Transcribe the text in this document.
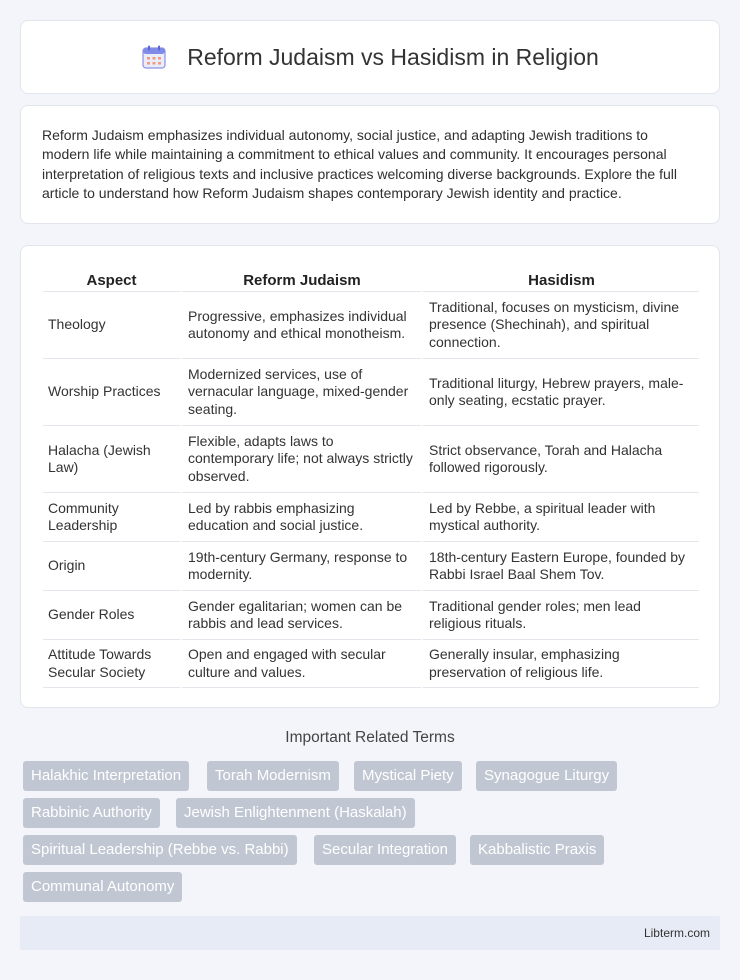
Reform Judaism vs Hasidism in Religion

Reform Judaism emphasizes individual autonomy, social justice, and adapting Jewish traditions to modern life while maintaining a commitment to ethical values and community. It encourages personal interpretation of religious texts and inclusive practices welcoming diverse backgrounds. Explore the full article to understand how Reform Judaism shapes contemporary Jewish identity and practice.

Aspect	Reform Judaism	Hasidism
Theology	Progressive, emphasizes individual autonomy and ethical monotheism.	Traditional, focuses on mysticism, divine presence (Shechinah), and spiritual connection.
Worship Practices	Modernized services, use of vernacular language, mixed-gender seating.	Traditional liturgy, Hebrew prayers, male-only seating, ecstatic prayer.
Halacha (Jewish Law)	Flexible, adapts laws to contemporary life; not always strictly observed.	Strict observance, Torah and Halacha followed rigorously.
Community Leadership	Led by rabbis emphasizing education and social justice.	Led by Rebbe, a spiritual leader with mystical authority.
Origin	19th-century Germany, response to modernity.	18th-century Eastern Europe, founded by Rabbi Israel Baal Shem Tov.
Gender Roles	Gender egalitarian; women can be rabbis and lead services.	Traditional gender roles; men lead religious rituals.
Attitude Towards Secular Society	Open and engaged with secular culture and values.	Generally insular, emphasizing preservation of religious life.
Important Related Terms
Halakhic Interpretation	Torah Modernism	Mystical Piety	Synagogue Liturgy
Rabbinic Authority	Jewish Enlightenment (Haskalah)
Spiritual Leadership (Rebbe vs. Rabbi)	Secular Integration	Kabbalistic Praxis
Communal Autonomy
Libterm.com
